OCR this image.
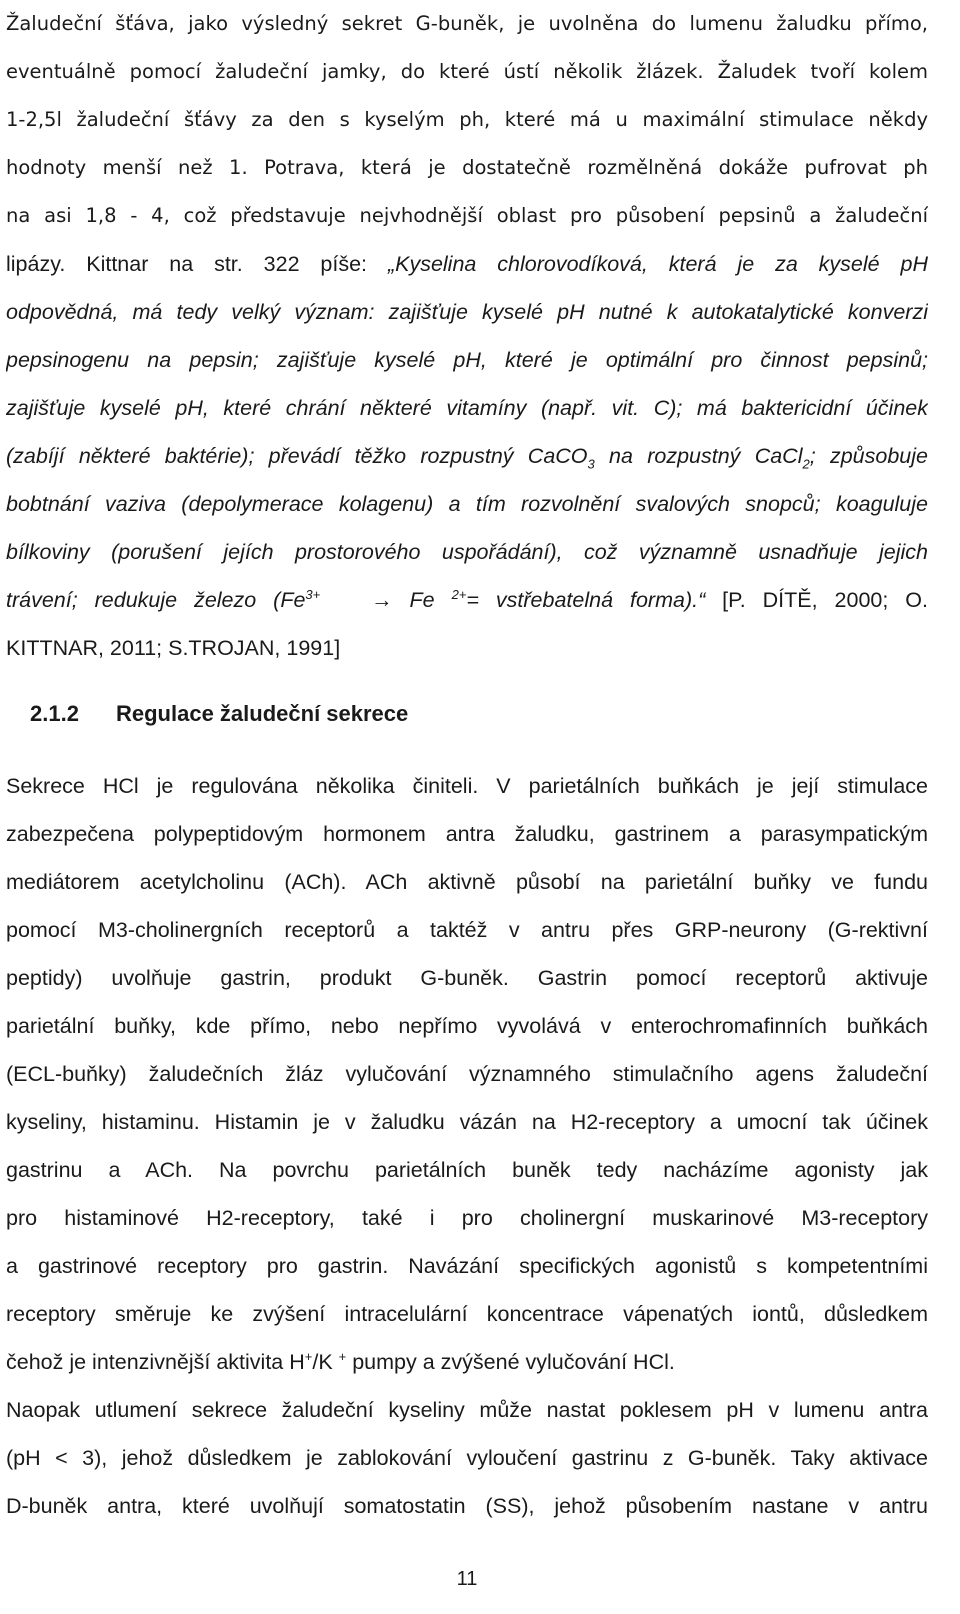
Žaludeční šťáva, jako výsledný sekret G-buněk, je uvolněna do lumenu žaludku přímo,
eventuálně pomocí žaludeční jamky, do které ústí několik žlázek. Žaludek tvoří kolem
1-2,5l žaludeční šťávy za den s kyselým ph, které má u maximální stimulace někdy
hodnoty menší než 1. Potrava, která je dostatečně rozmělněná dokáže pufrovat ph
na asi 1,8 - 4, což představuje nejvhodnější oblast pro působení pepsinů a žaludeční
lipázy. Kittnar na str. 322 píše: „Kyselina chlorovodíková, která je za kyselé pH
odpovědná, má tedy velký význam: zajišťuje kyselé pH nutné k autokatalytické konverzi
pepsinogenu na pepsin; zajišťuje kyselé pH, které je optimální pro činnost pepsinů;
zajišťuje kyselé pH, které chrání některé vitamíny (např. vit. C); má baktericidní účinek
(zabíjí některé baktérie); převádí těžko rozpustný CaCO$_3$ na rozpustný CaCl$_2$; způsobuje
bobtnání vaziva (depolymerace kolagenu) a tím rozvolnění svalových snopců; koaguluje
bílkoviny (porušení jejích prostorového uspořádání), což významně usnadňuje jejich
trávení; redukuje železo ($Fe^{3+} \to Fe$ $^{2+}$= vstřebatelná forma).“ [P. DÍTĚ, 2000; O.
KITTNAR, 2011; S.TROJAN, 1991]
2.1.2 Regulace žaludeční sekrece
Sekrece HCl je regulována několika činiteli. V parietálních buňkách je její stimulace
zabezpečena polypeptidovým hormonem antra žaludku, gastrinem a parasympatickým
mediátorem acetylcholinu (ACh). ACh aktivně působí na parietální buňky ve fundu
pomocí M3-cholinergních receptorů a taktéž v antru přes GRP-neurony (G-rektivní
peptidy) uvolňuje gastrin, produkt G-buněk. Gastrin pomocí receptorů aktivuje
parietální buňky, kde přímo, nebo nepřímo vyvolává v enterochromafinních buňkách
(ECL-buňky) žaludečních žláz vylučování významného stimulačního agens žaludeční
kyseliny, histaminu. Histamin je v žaludku vázán na H2-receptory a umocní tak účinek
gastrinu a ACh. Na povrchu parietálních buněk tedy nacházíme agonisty jak
pro histaminové H2-receptory, také i pro cholinergní muskarinové M3-receptory
a gastrinové receptory pro gastrin. Navázání specifických agonistů s kompetentními
receptory směruje ke zvýšení intracelulární koncentrace vápenatých iontů, důsledkem
čehož je intenzivnější aktivita H+/K + pumpy a zvýšené vylučování HCl.
Naopak utlumení sekrece žaludeční kyseliny může nastat poklesem pH v lumenu antra
(pH < 3), jehož důsledkem je zablokování vyloučení gastrinu z G-buněk. Taky aktivace
D-buněk antra, které uvolňují somatostatin (SS), jehož působením nastane v antru
11
